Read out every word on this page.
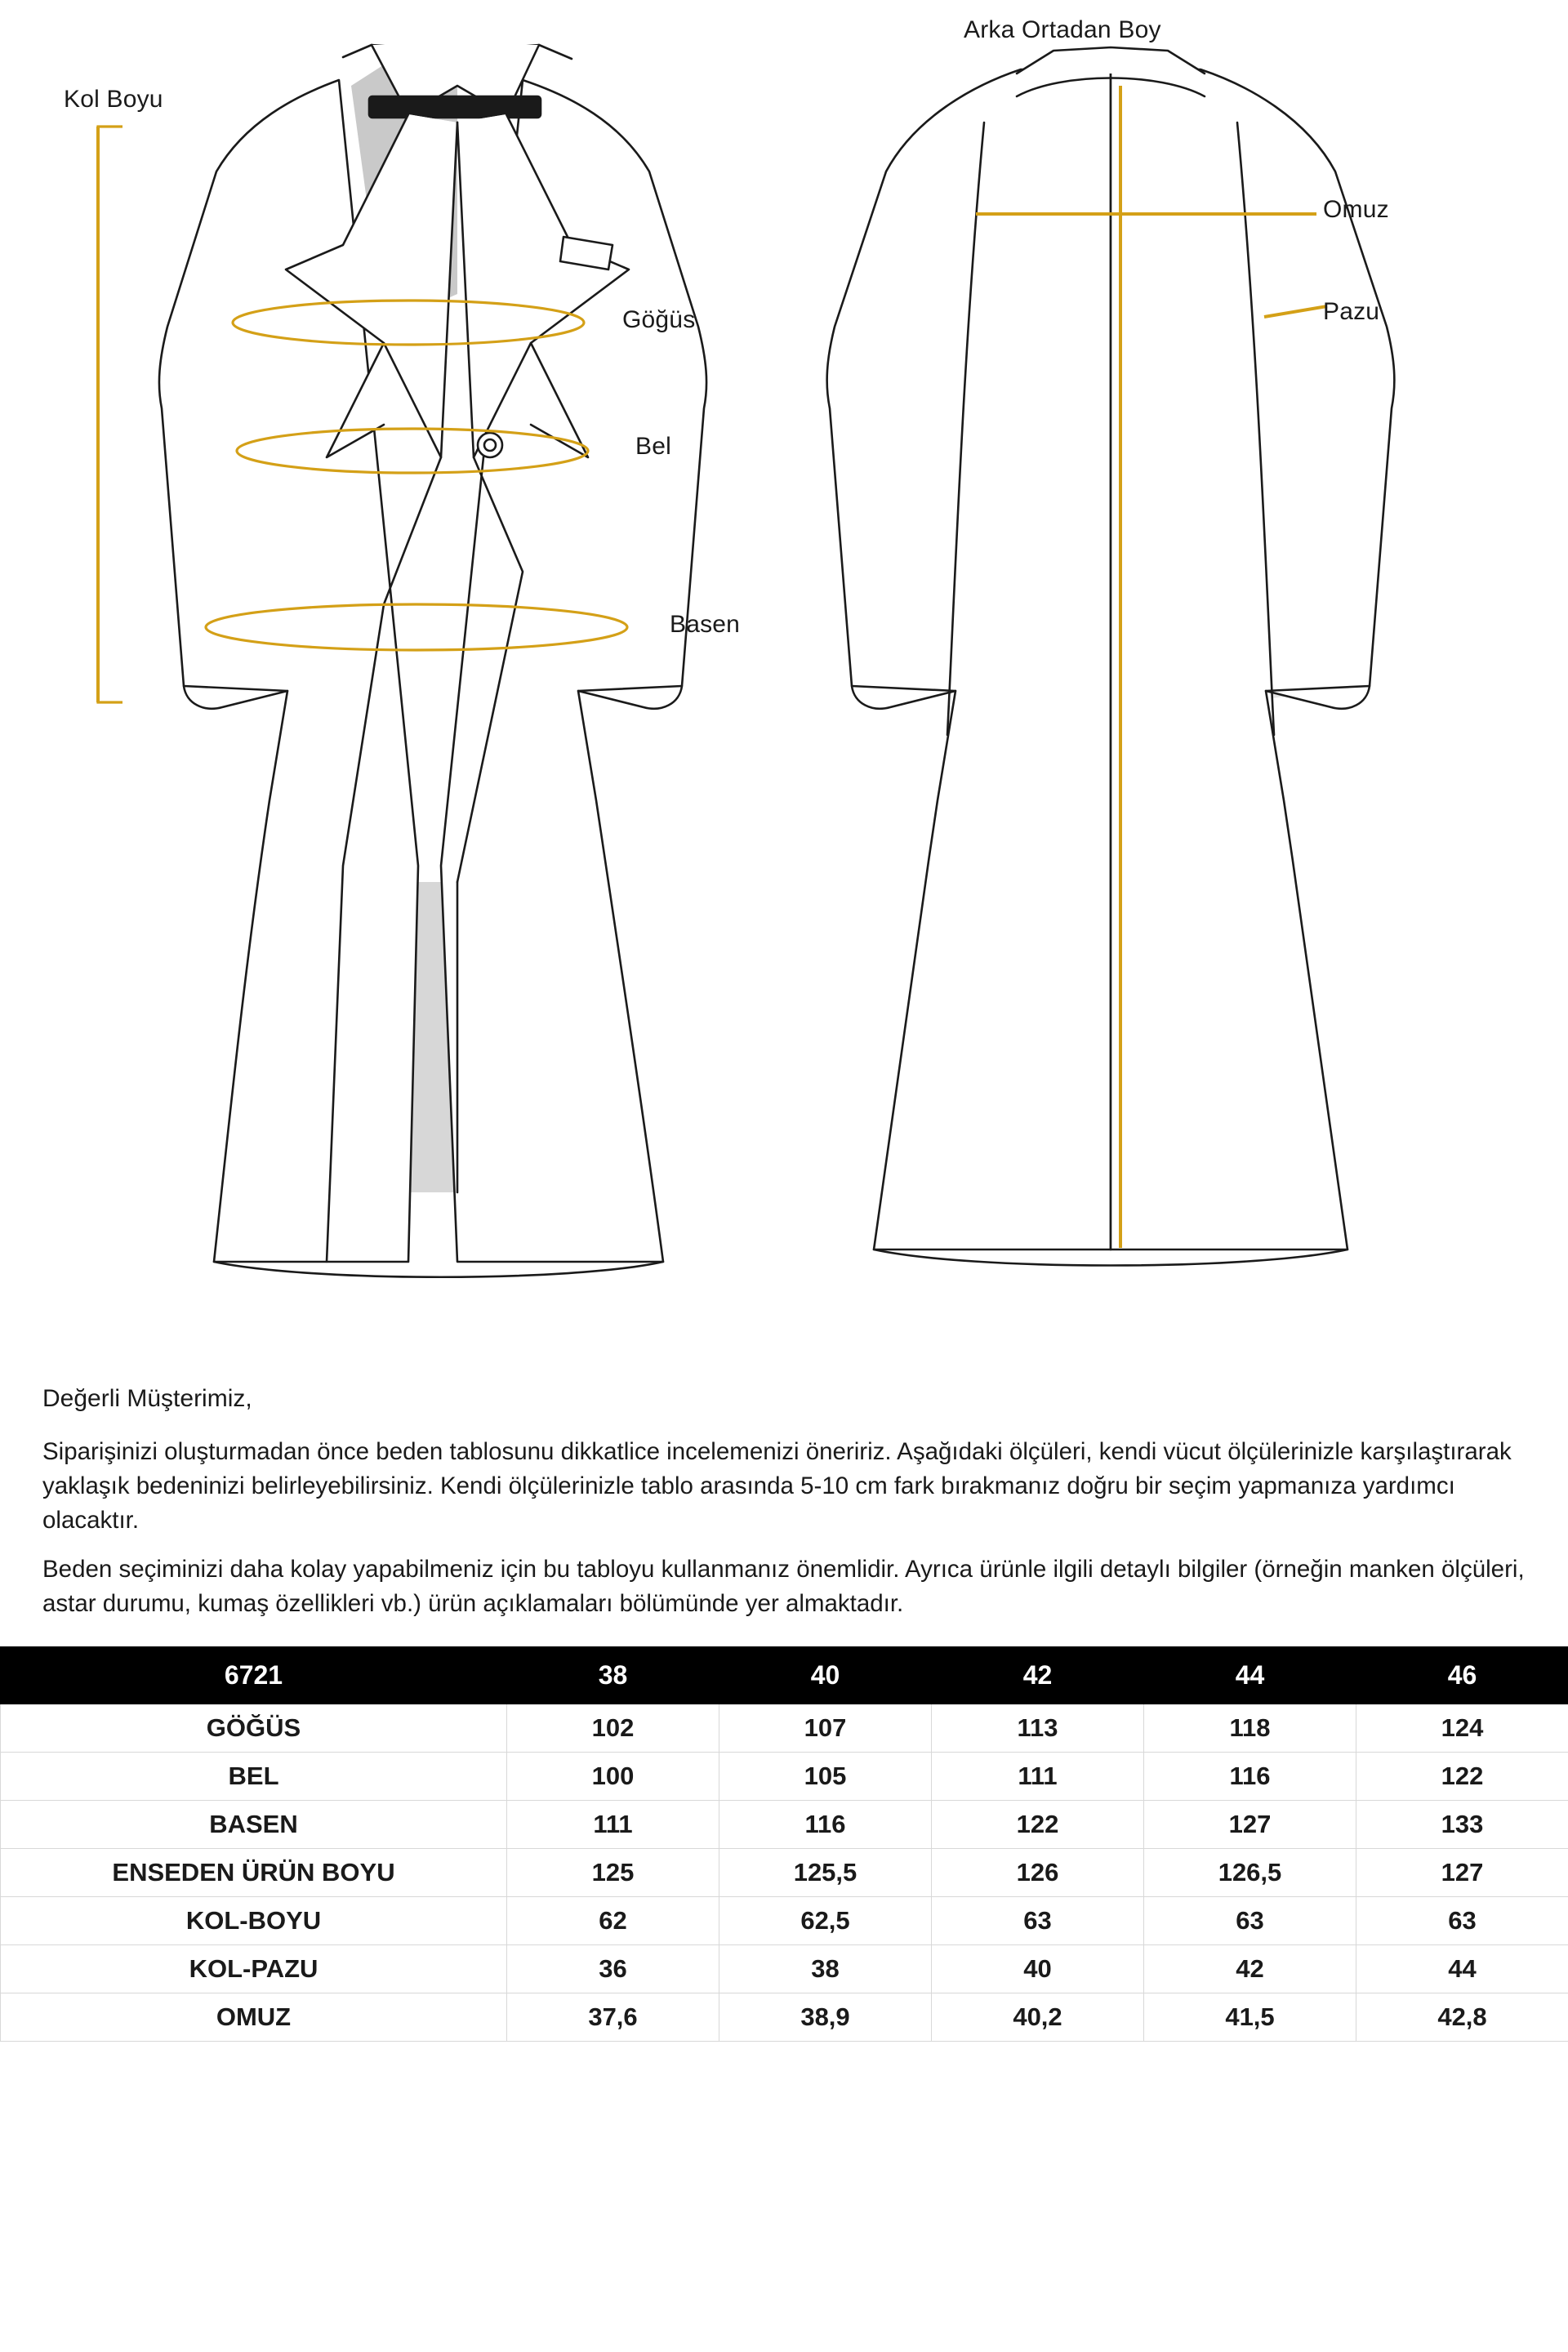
Kol Boyu
Göğüs
Bel
Basen
Arka Ortadan Boy
Omuz
Pazu
Değerli Müşterimiz,

Siparişinizi oluşturmadan önce beden tablosunu dikkatlice incelemenizi öneririz. Aşağıdaki ölçüleri, kendi vücut ölçülerinizle karşılaştırarak yaklaşık bedeninizi belirleyebilirsiniz. Kendi ölçülerinizle tablo arasında 5-10 cm fark bırakmanız doğru bir seçim yapmanıza yardımcı olacaktır.

Beden seçiminizi daha kolay yapabilmeniz için bu tabloyu kullanmanız önemlidir. Ayrıca ürünle ilgili detaylı bilgiler (örneğin manken ölçüleri, astar durumu, kumaş özellikleri vb.) ürün açıklamaları bölümünde yer almaktadır.

6721	38	40	42	44	46
GÖĞÜS	102	107	113	118	124
BEL	100	105	111	116	122
BASEN	111	116	122	127	133
ENSEDEN ÜRÜN BOYU	125	125,5	126	126,5	127
KOL-BOYU	62	62,5	63	63	63
KOL-PAZU	36	38	40	42	44
OMUZ	37,6	38,9	40,2	41,5	42,8
